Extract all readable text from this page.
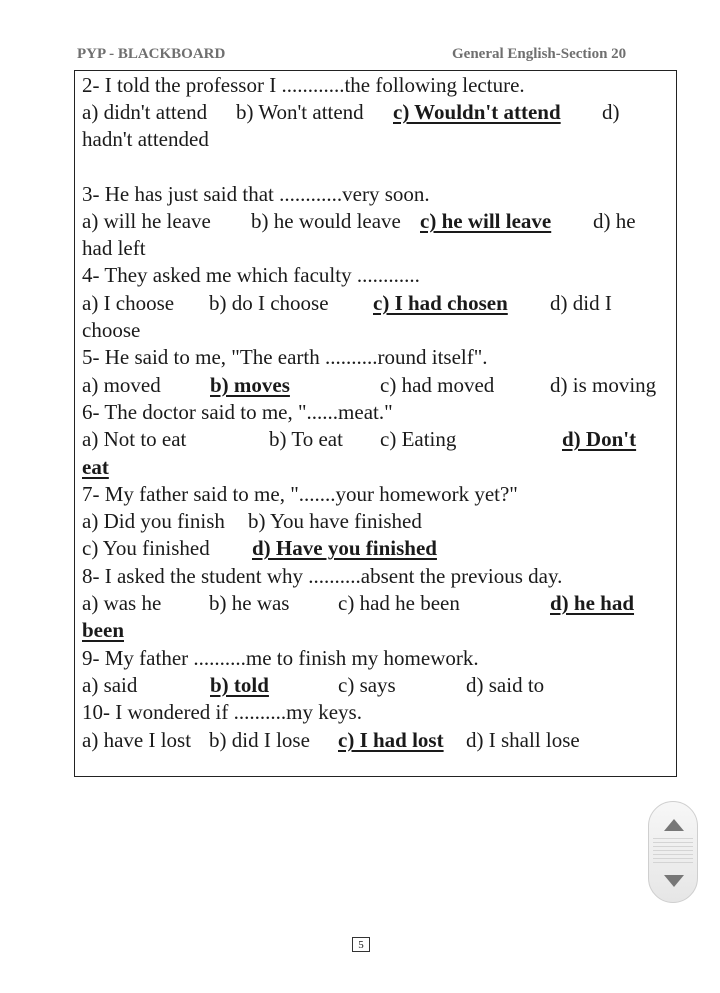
PYP - BLACKBOARD	General English-Section 20
2- I told the professor I ............the following lecture.
a) didn't attend b) Won't attend c) Wouldn't attend d)
hadn't attended
3- He has just said that ............very soon.
a) will he leave b) he would leave c) he will leave d) he
had left
4- They asked me which faculty ............
a) I choose b) do I choose c) I had chosen d) did I
choose
5- He said to me, "The earth ..........round itself".
a) moved b) moves	c) had moved	d) is moving
6- The doctor said to me, "......meat."
a) Not to eat	b) To eat c) Eating	d) Don't
eat
7- My father said to me, ".......your homework yet?"
a) Did you finish b) You have finished
c) You finished d) Have you finished
8- I asked the student why ..........absent the previous day.
a) was he b) he was c) had he been	d) he had
been
9- My father ..........me to finish my homework.
a) said	b) told	c) says	d) said to
10- I wondered if ..........my keys.
a) have I lost b) did I lose c) I had lost d) I shall lose
5
